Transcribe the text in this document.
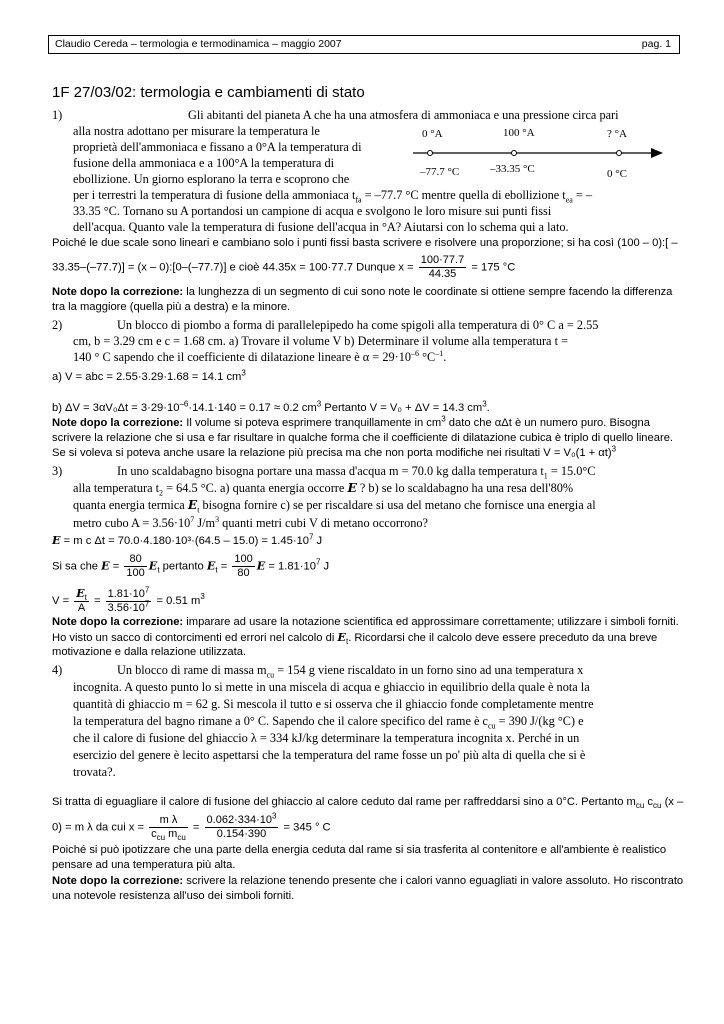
Claudio Cereda – termologia e termodinamica – maggio 2007	pag. 1
1F 27/03/02: termologia e cambiamenti di stato
1)	Gli abitanti del pianeta A che ha una atmosfera di ammoniaca e una pressione circa pari
alla nostra adottano per misurare la temperatura le
proprietà dell'ammoniaca e fissano a 0°A la temperatura di
fusione della ammoniaca e a 100°A la temperatura di
ebollizione. Un giorno esplorano la terra e scoprono che
0 °A	100 °A	? °A
–77.7 °C	–33.35 °C	0 °C
per i terrestri la temperatura di fusione della ammoniaca $t_{fa} = -77.7$ °C mentre quella di ebollizione $t_{ea}$ = –
33.35 °C. Tornano su A portandosi un campione di acqua e svolgono le loro misure sui punti fissi
dell'acqua. Quanto vale la temperatura di fusione dell'acqua in °A? Aiutarsi con lo schema qui a lato.
Poiché le due scale sono lineari e cambiano solo i punti fissi basta scrivere e risolvere una proporzione; si ha così (100 – 0):[ –
33.35–(–77.7)] = (x – 0):[0–(–77.7)] e cioè 44.35x = 100·77.7 Dunque $x = \frac{100\cdot 77.7}{44.35} = 175$ °C
Note dopo la correzione: la lunghezza di un segmento di cui sono note le coordinate si ottiene sempre facendo la differenza
tra la maggiore (quella più a destra) e la minore.
2)	Un blocco di piombo a forma di parallelepipedo ha come spigoli alla temperatura di 0° C a = 2.55
cm, b = 3.29 cm e c = 1.68 cm. a) Trovare il volume V b) Determinare il volume alla temperatura t =
140 ° C sapendo che il coefficiente di dilatazione lineare è $\alpha = 29\cdot 10^{-6}$ $^\circ C^{-1}$.
a) V = abc = 2.55·3.29·1.68 = 14.1 $cm^3$
b) $\Delta V = 3\alpha V_0\Delta t = 3\cdot 29\cdot 10^{-6}\cdot 14.1\cdot 140 = 0.17 \approx 0.2$ $cm^3$ Pertanto V = V₀ + ΔV = 14.3 $cm^3$.
Note dopo la correzione: Il volume si poteva esprimere tranquillamente in $cm^3$ dato che αΔt è un numero puro. Bisogna
scrivere la relazione che si usa e far risultare in qualche forma che il coefficiente di dilatazione cubica è triplo di quello lineare.
Se si voleva si poteva anche usare la relazione più precisa ma che non porta modifiche nei risultati $V = V_0(1 + \alpha t)^3$
3)	In uno scaldabagno bisogna portare una massa d'acqua m = 70.0 kg dalla temperatura $t_1 = 15.0^\circ C$
alla temperatura $t_2 = 64.5$ °C. a) quanta energia occorre E ? b) se lo scaldabagno ha una resa dell'80%
quanta energia termica $E_t$ bisogna fornire c) se per riscaldare si usa del metano che fornisce una energia al
metro cubo $A = 3.56\cdot 10^7$ $J/m^3$ quanti metri cubi V di metano occorrono?
E = m c $\Delta t = 70.0\cdot 4.180\cdot 10^3\cdot(64.5 - 15.0) = 1.45\cdot 10^7$ J
Si sa che $E = \frac{80}{100} E_t$ pertanto $E_t = \frac{100}{80}$ $E = 1.81\cdot 10^7$ J
$V = \frac{E_t}{A} = \frac{1.81\cdot 10^7}{3.56\cdot 10^7} = 0.51$ $m^3$
Note dopo la correzione: imparare ad usare la notazione scientifica ed approssimare correttamente; utilizzare i simboli forniti.
Ho visto un sacco di contorcimenti ed errori nel calcolo di $E_t$. Ricordarsi che il calcolo deve essere preceduto da una breve
motivazione e dalla relazione utilizzata.
4)	Un blocco di rame di massa $m_{cu} = 154$ g viene riscaldato in un forno sino ad una temperatura x
incognita. A questo punto lo si mette in una miscela di acqua e ghiaccio in equilibrio della quale è nota la
quantità di ghiaccio m = 62 g. Si mescola il tutto e si osserva che il ghiaccio fonde completamente mentre
la temperatura del bagno rimane a 0° C. Sapendo che il calore specifico del rame è $c_{cu} = 390$ J/(kg °C) e
che il calore di fusione del ghiaccio λ = 334 kJ/kg determinare la temperatura incognita x. Perché in un
esercizio del genere è lecito aspettarsi che la temperatura del rame fosse un po' più alta di quella che si è
trovata?.
Si tratta di eguagliare il calore di fusione del ghiaccio al calore ceduto dal rame per raffreddarsi sino a 0°C. Pertanto $m_{cu}$ $c_{cu}$ (x –
0) = m λ da cui $x = \frac{\text{m λ}}{c_{cu} m_{cu}} = \frac{0.062\cdot 334\cdot 10^3}{0.154\cdot 390} = 345$ ° C
Poiché si può ipotizzare che una parte della energia ceduta dal rame si sia trasferita al contenitore e all'ambiente è realistico
pensare ad una temperatura più alta.
Note dopo la correzione: scrivere la relazione tenendo presente che i calori vanno eguagliati in valore assoluto. Ho riscontrato
una notevole resistenza all'uso dei simboli forniti.
